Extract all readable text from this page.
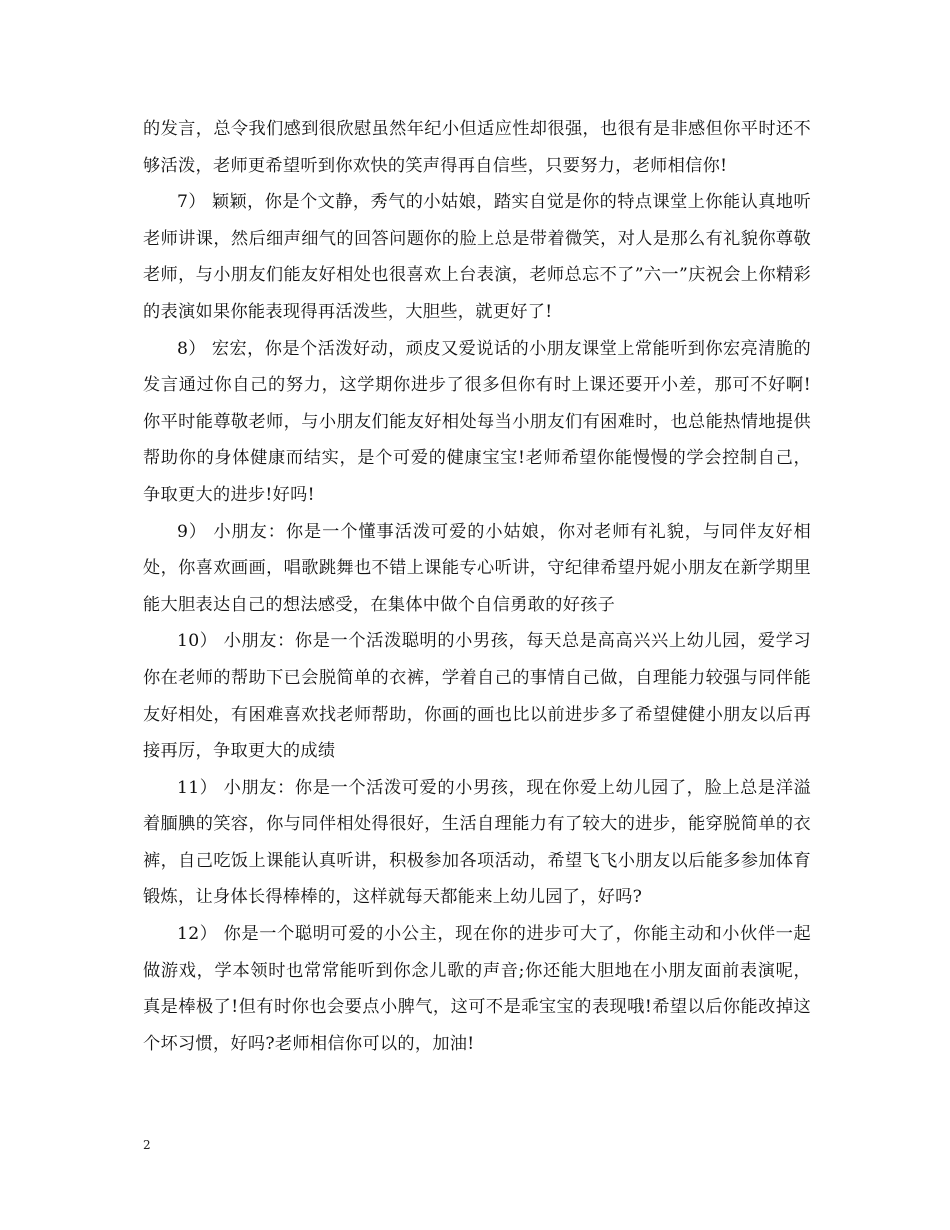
的发言，总令我们感到很欣慰虽然年纪小但适应性却很强，也很有是非感但你平时还不够活泼，老师更希望听到你欢快的笑声得再自信些，只要努力，老师相信你!

7） 颖颖，你是个文静，秀气的小姑娘，踏实自觉是你的特点课堂上你能认真地听老师讲课，然后细声细气的回答问题你的脸上总是带着微笑，对人是那么有礼貌你尊敬老师，与小朋友们能友好相处也很喜欢上台表演，老师总忘不了”六一”庆祝会上你精彩的表演如果你能表现得再活泼些，大胆些，就更好了!

8） 宏宏，你是个活泼好动，顽皮又爱说话的小朋友课堂上常能听到你宏亮清脆的发言通过你自己的努力，这学期你进步了很多但你有时上课还要开小差，那可不好啊!你平时能尊敬老师，与小朋友们能友好相处每当小朋友们有困难时，也总能热情地提供帮助你的身体健康而结实，是个可爱的健康宝宝!老师希望你能慢慢的学会控制自己，争取更大的进步!好吗!

9） 小朋友：你是一个懂事活泼可爱的小姑娘，你对老师有礼貌，与同伴友好相处，你喜欢画画，唱歌跳舞也不错上课能专心听讲，守纪律希望丹妮小朋友在新学期里能大胆表达自己的想法感受，在集体中做个自信勇敢的好孩子

10） 小朋友：你是一个活泼聪明的小男孩，每天总是高高兴兴上幼儿园，爱学习你在老师的帮助下已会脱简单的衣裤，学着自己的事情自己做，自理能力较强与同伴能友好相处，有困难喜欢找老师帮助，你画的画也比以前进步多了希望健健小朋友以后再接再厉，争取更大的成绩

11） 小朋友：你是一个活泼可爱的小男孩，现在你爱上幼儿园了，脸上总是洋溢着腼腆的笑容，你与同伴相处得很好，生活自理能力有了较大的进步，能穿脱简单的衣裤，自己吃饭上课能认真听讲，积极参加各项活动，希望飞飞小朋友以后能多参加体育锻炼，让身体长得棒棒的，这样就每天都能来上幼儿园了，好吗?

12） 你是一个聪明可爱的小公主，现在你的进步可大了，你能主动和小伙伴一起做游戏，学本领时也常常能听到你念儿歌的声音;你还能大胆地在小朋友面前表演呢，真是棒极了!但有时你也会要点小脾气，这可不是乖宝宝的表现哦!希望以后你能改掉这个坏习惯，好吗?老师相信你可以的，加油!

2
